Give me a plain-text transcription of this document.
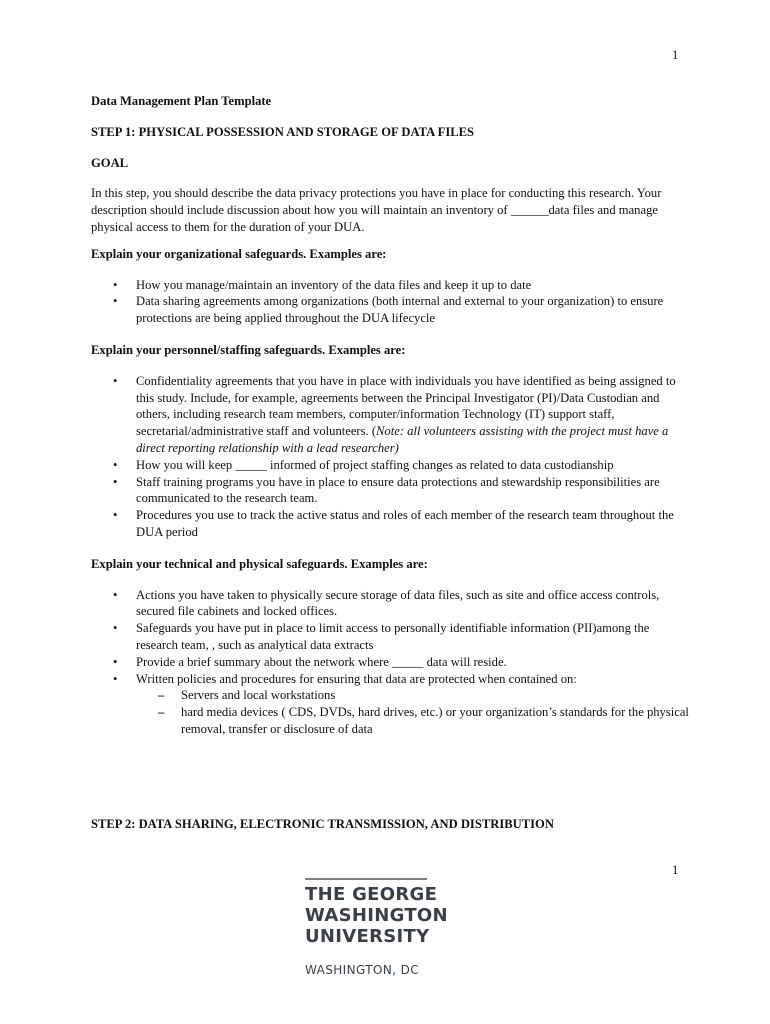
1

Data Management Plan Template

STEP 1: PHYSICAL POSSESSION AND STORAGE OF DATA FILES

GOAL

In this step, you should describe the data privacy protections you have in place for conducting this research. Your description should include discussion about how you will maintain an inventory of ______data files and manage physical access to them for the duration of your DUA.

Explain your organizational safeguards. Examples are:

• How you manage/maintain an inventory of the data files and keep it up to date
• Data sharing agreements among organizations (both internal and external to your organization) to ensure protections are being applied throughout the DUA lifecycle

Explain your personnel/staffing safeguards. Examples are:

• Confidentiality agreements that you have in place with individuals you have identified as being assigned to this study. Include, for example, agreements between the Principal Investigator (PI)/Data Custodian and others, including research team members, computer/information Technology (IT) support staff, secretarial/administrative staff and volunteers. (Note: all volunteers assisting with the project must have a direct reporting relationship with a lead researcher)
• How you will keep _____ informed of project staffing changes as related to data custodianship
• Staff training programs you have in place to ensure data protections and stewardship responsibilities are communicated to the research team.
• Procedures you use to track the active status and roles of each member of the research team throughout the DUA period

Explain your technical and physical safeguards. Examples are:

• Actions you have taken to physically secure storage of data files, such as site and office access controls, secured file cabinets and locked offices.
• Safeguards you have put in place to limit access to personally identifiable information (PII)among the research team, , such as analytical data extracts
• Provide a brief summary about the network where _____ data will reside.
• Written policies and procedures for ensuring that data are protected when contained on:
– Servers and local workstations
– hard media devices ( CDS, DVDs, hard drives, etc.) or your organization’s standards for the physical removal, transfer or disclosure of data

STEP 2: DATA SHARING, ELECTRONIC TRANSMISSION, AND DISTRIBUTION

1
THE GEORGE
WASHINGTON
UNIVERSITY
WASHINGTON, DC
